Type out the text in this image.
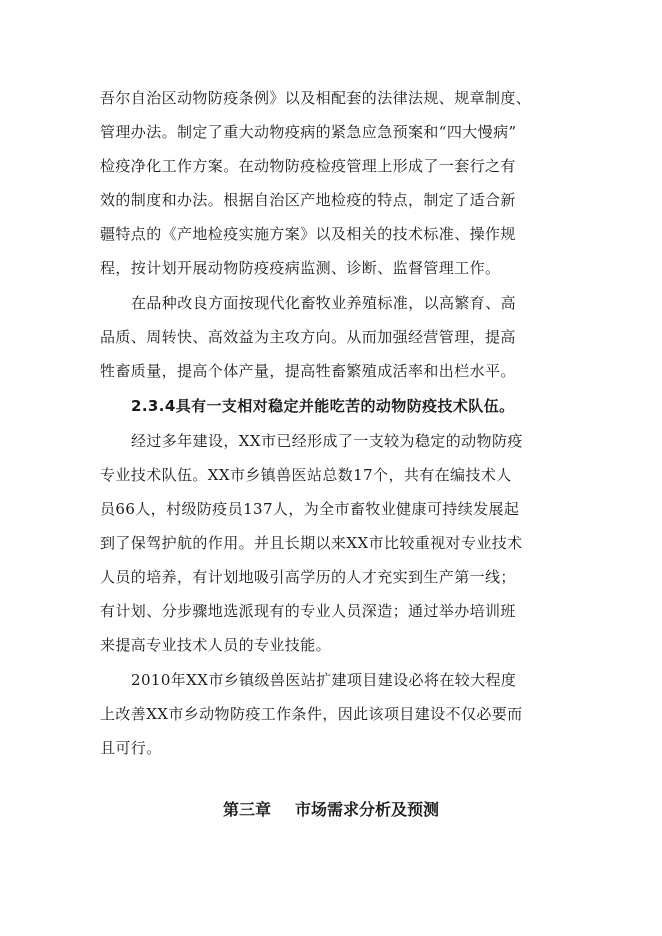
吾尔自治区动物防疫条例》以及相配套的法律法规、规章制度、
管理办法。制定了重大动物疫病的紧急应急预案和“四大慢病”
检疫净化工作方案。在动物防疫检疫管理上形成了一套行之有
效的制度和办法。根据自治区产地检疫的特点，制定了适合新
疆特点的《产地检疫实施方案》以及相关的技术标准、操作规
程，按计划开展动物防疫疫病监测、诊断、监督管理工作。
在品种改良方面按现代化畜牧业养殖标准，以高繁育、高
品质、周转快、高效益为主攻方向。从而加强经营管理，提高
牲畜质量，提高个体产量，提高牲畜繁殖成活率和出栏水平。
2.3.4具有一支相对稳定并能吃苦的动物防疫技术队伍。
经过多年建设，XX市已经形成了一支较为稳定的动物防疫
专业技术队伍。XX市乡镇兽医站总数17个，共有在编技术人
员66人，村级防疫员137人，为全市畜牧业健康可持续发展起
到了保驾护航的作用。并且长期以来XX市比较重视对专业技术
人员的培养，有计划地吸引高学历的人才充实到生产第一线；
有计划、分步骤地选派现有的专业人员深造；通过举办培训班
来提高专业技术人员的专业技能。
2010年XX市乡镇级兽医站扩建项目建设必将在较大程度
上改善XX市乡动物防疫工作条件，因此该项目建设不仅必要而
且可行。
第三章 市场需求分析及预测
